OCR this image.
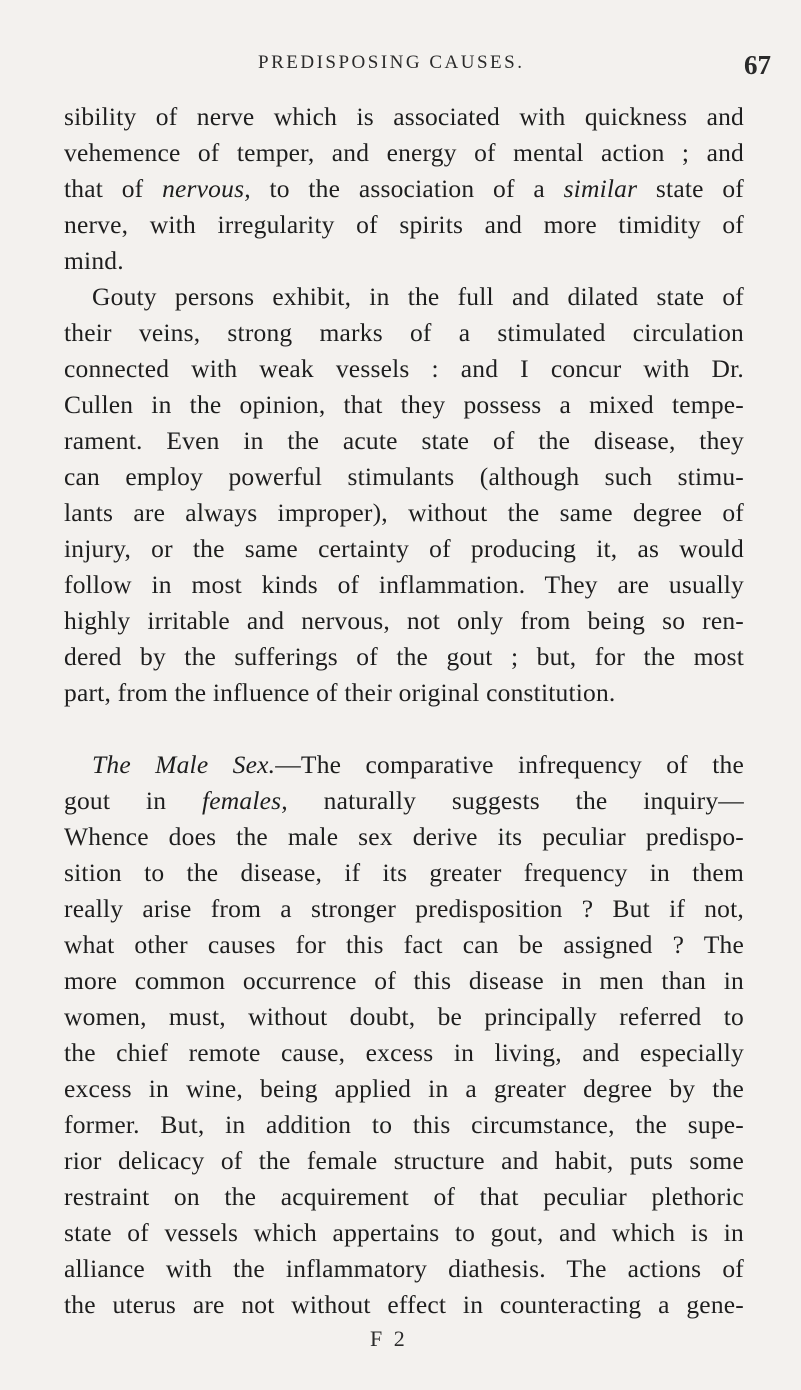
PREDISPOSING CAUSES.	67
sibility of nerve which is associated with quickness and
vehemence of temper, and energy of mental action ; and
that of nervous, to the association of a similar state of
nerve, with irregularity of spirits and more timidity of
mind.
Gouty persons exhibit, in the full and dilated state of
their veins, strong marks of a stimulated circulation
connected with weak vessels : and I concur with Dr.
Cullen in the opinion, that they possess a mixed tempe-
rament. Even in the acute state of the disease, they
can employ powerful stimulants (although such stimu-
lants are always improper), without the same degree of
injury, or the same certainty of producing it, as would
follow in most kinds of inflammation. They are usually
highly irritable and nervous, not only from being so ren-
dered by the sufferings of the gout ; but, for the most
part, from the influence of their original constitution.
The Male Sex.—The comparative infrequency of the
gout in females, naturally suggests the inquiry—
Whence does the male sex derive its peculiar predispo-
sition to the disease, if its greater frequency in them
really arise from a stronger predisposition ? But if not,
what other causes for this fact can be assigned ? The
more common occurrence of this disease in men than in
women, must, without doubt, be principally referred to
the chief remote cause, excess in living, and especially
excess in wine, being applied in a greater degree by the
former. But, in addition to this circumstance, the supe-
rior delicacy of the female structure and habit, puts some
restraint on the acquirement of that peculiar plethoric
state of vessels which appertains to gout, and which is in
alliance with the inflammatory diathesis. The actions of
the uterus are not without effect in counteracting a gene-
F 2
